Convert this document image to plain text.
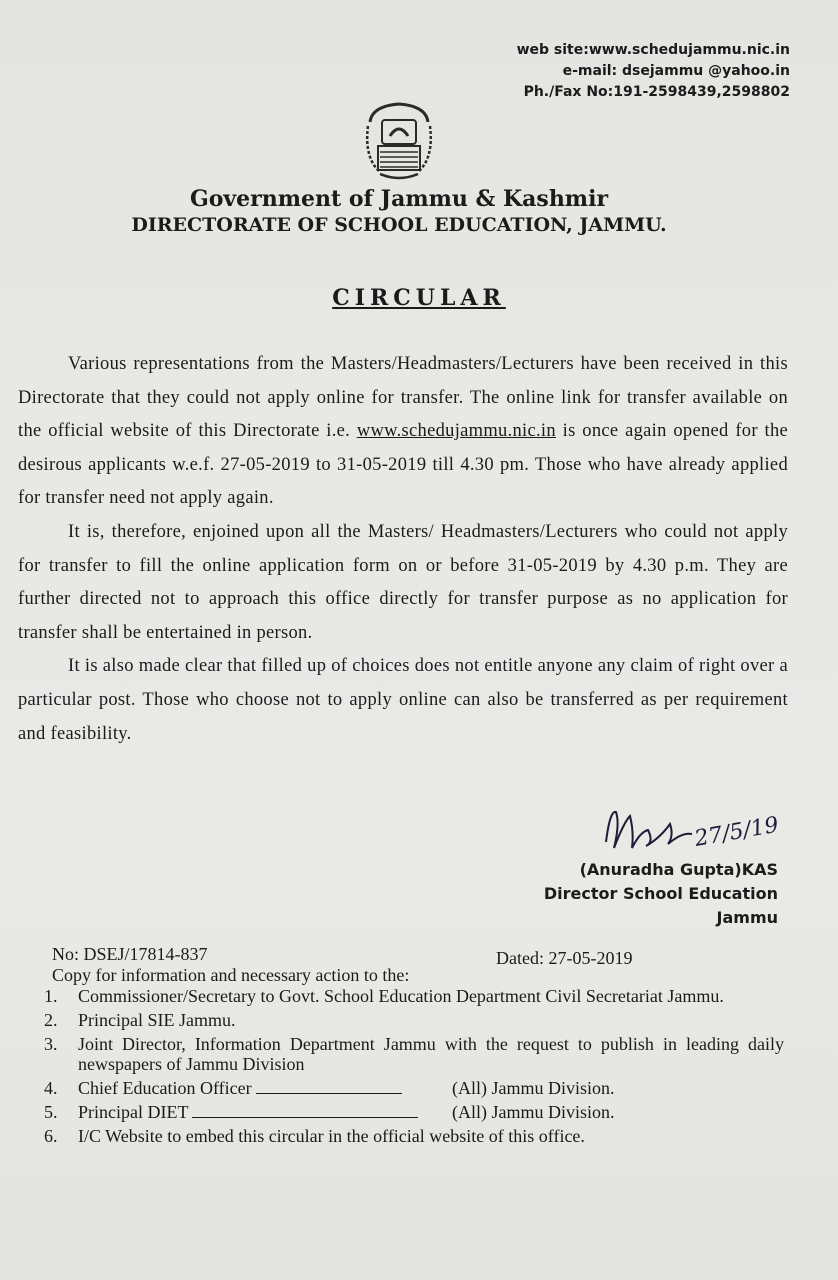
web site:www.schedujammu.nic.in
e-mail: dsejammu @yahoo.in
Ph./Fax No:191-2598439,2598802
Government of Jammu & Kashmir
DIRECTORATE OF SCHOOL EDUCATION, JAMMU.
CIRCULAR

Various representations from the Masters/Headmasters/Lecturers have been received in this Directorate that they could not apply online for transfer. The online link for transfer available on the official website of this Directorate i.e. www.schedujammu.nic.in is once again opened for the desirous applicants w.e.f. 27-05-2019 to 31-05-2019 till 4.30 pm. Those who have already applied for transfer need not apply again.

It is, therefore, enjoined upon all the Masters/ Headmasters/Lecturers who could not apply for transfer to fill the online application form on or before 31-05-2019 by 4.30 p.m. They are further directed not to approach this office directly for transfer purpose as no application for transfer shall be entertained in person.

It is also made clear that filled up of choices does not entitle anyone any claim of right over a particular post. Those who choose not to apply online can also be transferred as per requirement and feasibility.

27/5/19
(Anuradha Gupta)KAS
Director School Education
Jammu
No: DSEJ/17814-837	Dated: 27-05-2019
Copy for information and necessary action to the:
1. Commissioner/Secretary to Govt. School Education Department Civil Secretariat Jammu.
2. Principal SIE Jammu.
3. Joint Director, Information Department Jammu with the request to publish in leading daily newspapers of Jammu Division
4. Chief Education Officer	(All) Jammu Division.
5. Principal DIET	(All) Jammu Division.
6. I/C Website to embed this circular in the official website of this office.
